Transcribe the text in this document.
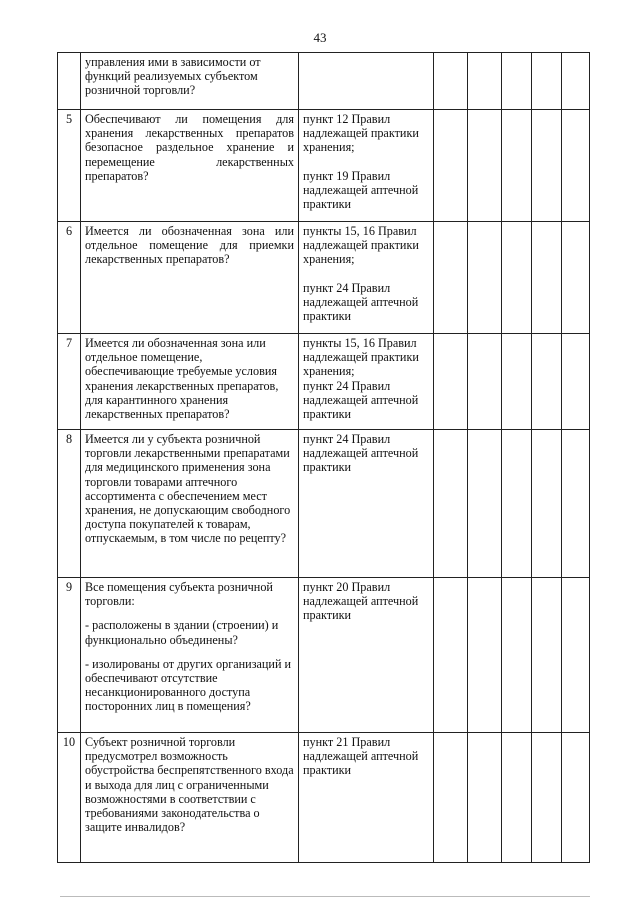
43

	управления ими в зависимости от функций реализуемых субъектом розничной торговли?						

5	Обеспечивают ли помещения для хранения лекарственных препаратов безопасное раздельное хранение и перемещение лекарственных препаратов?	пункт 12 Правил надлежащей практики хранения;

пункт 19 Правил надлежащей аптечной практики					

6	Имеется ли обозначенная зона или отдельное помещение для приемки лекарственных препаратов?	пункты 15, 16 Правил надлежащей практики хранения;

пункт 24 Правил надлежащей аптечной практики					

7	Имеется ли обозначенная зона или отдельное помещение, обеспечивающие требуемые условия хранения лекарственных препаратов, для карантинного хранения лекарственных препаратов?	пункты 15, 16 Правил надлежащей практики хранения;

пункт 24 Правил надлежащей аптечной практики					

8	Имеется ли у субъекта розничной торговли лекарственными препаратами для медицинского применения зона торговли товарами аптечного ассортимента с обеспечением мест хранения, не допускающим свободного доступа покупателей к товарам, отпускаемым, в том числе по рецепту?	пункт 24 Правил надлежащей аптечной практики					

9	Все помещения субъекта розничной торговли:

- расположены в здании (строении) и функционально объединены?

- изолированы от других организаций и обеспечивают отсутствие несанкционированного доступа посторонних лиц в помещения?	пункт 20 Правил надлежащей аптечной практики					

10	Субъект розничной торговли предусмотрел возможность обустройства беспрепятственного входа и выхода для лиц с ограниченными возможностями в соответствии с требованиями законодательства о защите инвалидов?	пункт 21 Правил надлежащей аптечной практики					
